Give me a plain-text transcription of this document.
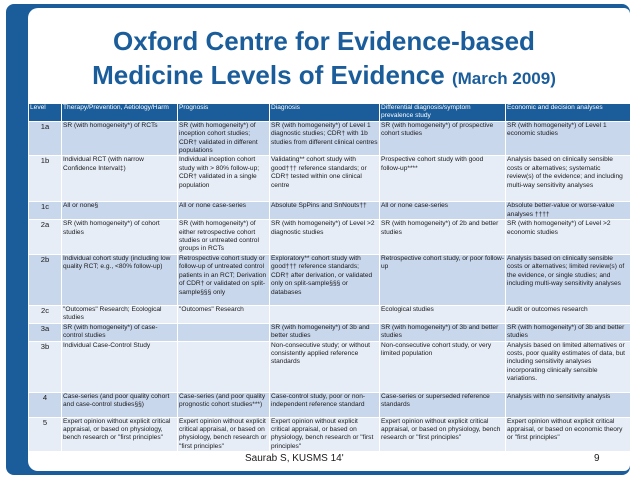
Oxford Centre for Evidence-based
Medicine Levels of Evidence (March 2009)
Level	Therapy/Prevention, Aetiology/Harm	Prognosis	Diagnosis	Differential diagnosis/symptom prevalence study	Economic and decision analyses
1a	SR (with homogeneity*) of RCTs	SR (with homogeneity*) of inception cohort studies; CDR† validated in different populations	SR (with homogeneity*) of Level 1 diagnostic studies; CDR† with 1b studies from different clinical centres	SR (with homogeneity*) of prospective cohort studies	SR (with homogeneity*) of Level 1 economic studies
1b	Individual RCT (with narrow Confidence Interval‡)	Individual inception cohort study with > 80% follow-up; CDR† validated in a single population	Validating** cohort study with good††† reference standards; or CDR† tested within one clinical centre	Prospective cohort study with good follow-up****	Analysis based on clinically sensible costs or alternatives; systematic review(s) of the evidence; and including multi-way sensitivity analyses
1c	All or none§	All or none case-series	Absolute SpPins and SnNouts††	All or none case-series	Absolute better-value or worse-value analyses ††††
2a	SR (with homogeneity*) of cohort studies	SR (with homogeneity*) of either retrospective cohort studies or untreated control groups in RCTs	SR (with homogeneity*) of Level >2 diagnostic studies	SR (with homogeneity*) of 2b and better studies	SR (with homogeneity*) of Level >2 economic studies
2b	Individual cohort study (including low quality RCT; e.g., <80% follow-up)	Retrospective cohort study or follow-up of untreated control patients in an RCT; Derivation of CDR† or validated on split-sample§§§ only	Exploratory** cohort study with good††† reference standards; CDR† after derivation, or validated only on split-sample§§§ or databases	Retrospective cohort study, or poor follow-up	Analysis based on clinically sensible costs or alternatives; limited review(s) of the evidence, or single studies; and including multi-way sensitivity analyses
2c	"Outcomes" Research; Ecological studies	"Outcomes" Research		Ecological studies	Audit or outcomes research
3a	SR (with homogeneity*) of case-control studies		SR (with homogeneity*) of 3b and better studies	SR (with homogeneity*) of 3b and better studies	SR (with homogeneity*) of 3b and better studies
3b	Individual Case-Control Study		Non-consecutive study; or without consistently applied reference standards	Non-consecutive cohort study, or very limited population	Analysis based on limited alternatives or costs, poor quality estimates of data, but including sensitivity analyses incorporating clinically sensible variations.
4	Case-series (and poor quality cohort and case-control studies§§)	Case-series (and poor quality prognostic cohort studies***)	Case-control study, poor or non-independent reference standard	Case-series or superseded reference standards	Analysis with no sensitivity analysis
5	Expert opinion without explicit critical appraisal, or based on physiology, bench research or "first principles"	Expert opinion without explicit critical appraisal, or based on physiology, bench research or "first principles"	Expert opinion without explicit critical appraisal, or based on physiology, bench research or "first principles"	Expert opinion without explicit critical appraisal, or based on physiology, bench research or "first principles"	Expert opinion without explicit critical appraisal, or based on economic theory or "first principles"
Saurab S, KUSMS 14'	9
